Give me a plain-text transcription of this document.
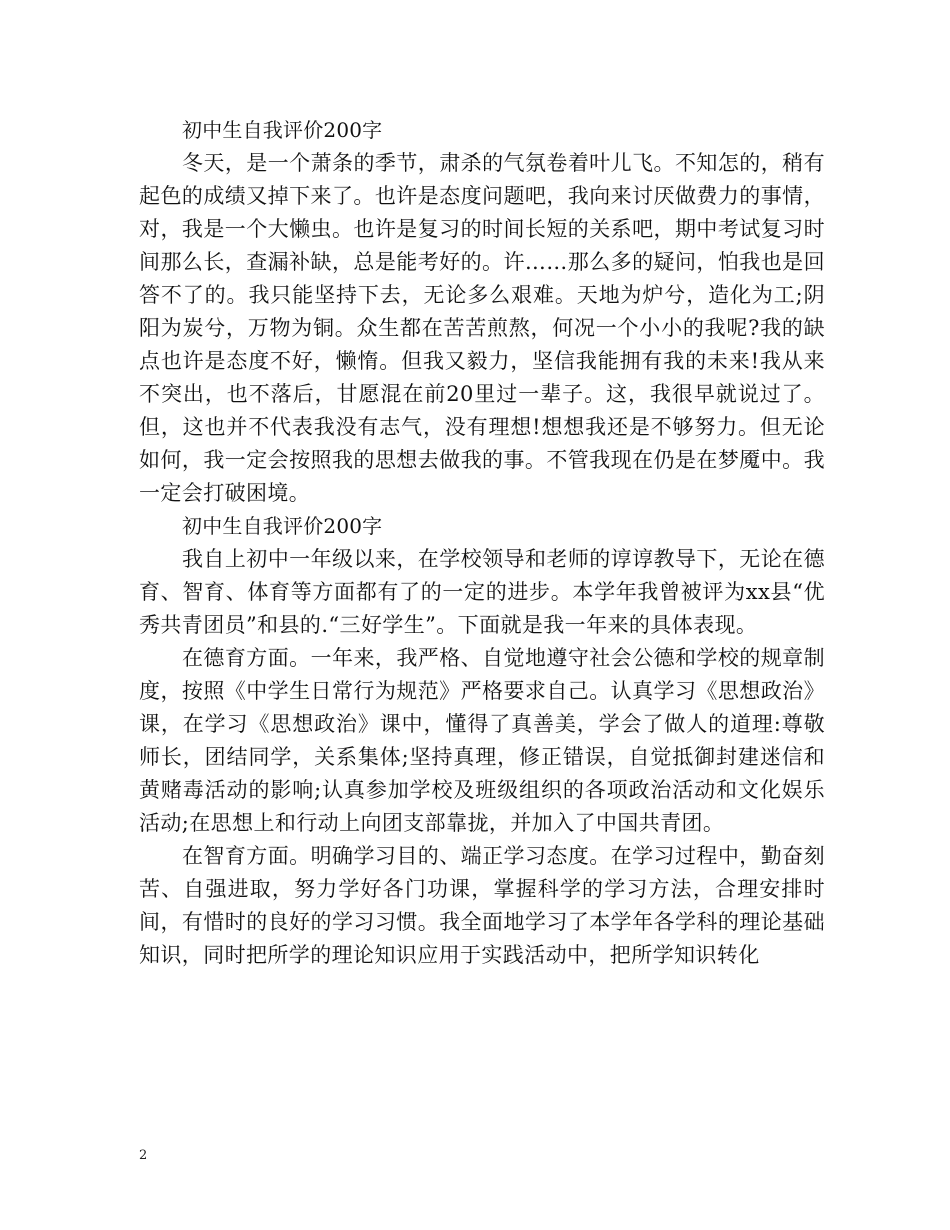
初中生自我评价200字

冬天，是一个萧条的季节，肃杀的气氛卷着叶儿飞。不知怎的，稍有起色的成绩又掉下来了。也许是态度问题吧，我向来讨厌做费力的事情，对，我是一个大懒虫。也许是复习的时间长短的关系吧，期中考试复习时间那么长，查漏补缺，总是能考好的。许……那么多的疑问，怕我也是回答不了的。我只能坚持下去，无论多么艰难。天地为炉兮，造化为工;阴阳为炭兮，万物为铜。众生都在苦苦煎熬，何况一个小小的我呢?我的缺点也许是态度不好，懒惰。但我又毅力，坚信我能拥有我的未来!我从来不突出，也不落后，甘愿混在前20里过一辈子。这，我很早就说过了。但，这也并不代表我没有志气，没有理想!想想我还是不够努力。但无论如何，我一定会按照我的思想去做我的事。不管我现在仍是在梦魇中。我一定会打破困境。

初中生自我评价200字

我自上初中一年级以来，在学校领导和老师的谆谆教导下，无论在德育、智育、体育等方面都有了的一定的进步。本学年我曾被评为xx县“优秀共青团员”和县的.“三好学生”。下面就是我一年来的具体表现。

在德育方面。一年来，我严格、自觉地遵守社会公德和学校的规章制度，按照《中学生日常行为规范》严格要求自己。认真学习《思想政治》课，在学习《思想政治》课中，懂得了真善美，学会了做人的道理:尊敬师长，团结同学，关系集体;坚持真理，修正错误，自觉抵御封建迷信和黄赌毒活动的影响;认真参加学校及班级组织的各项政治活动和文化娱乐活动;在思想上和行动上向团支部靠拢，并加入了中国共青团。

在智育方面。明确学习目的、端正学习态度。在学习过程中，勤奋刻苦、自强进取，努力学好各门功课，掌握科学的学习方法，合理安排时间，有惜时的良好的学习习惯。我全面地学习了本学年各学科的理论基础知识，同时把所学的理论知识应用于实践活动中，把所学知识转化

2
